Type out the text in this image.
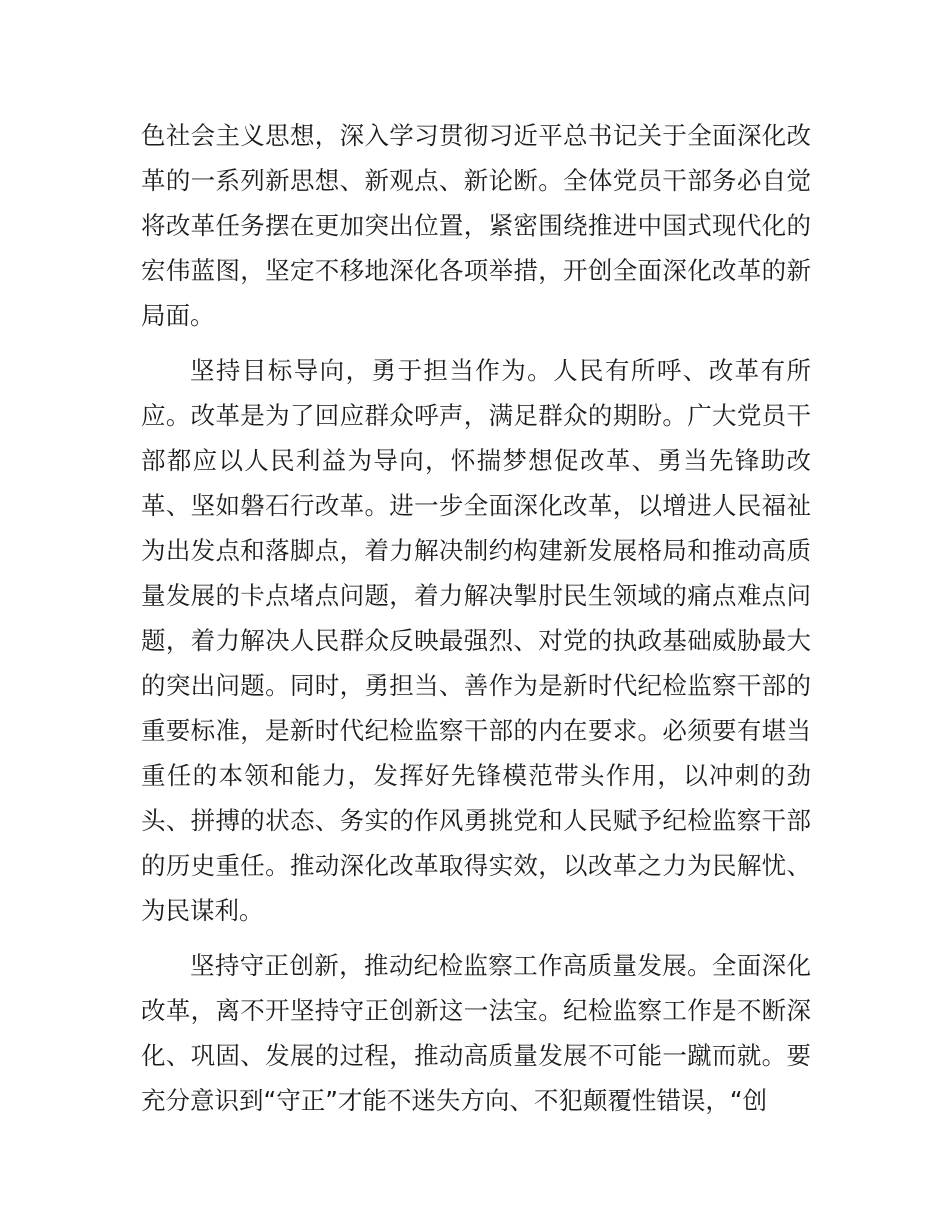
色社会主义思想，深入学习贯彻习近平总书记关于全面深化改革的一系列新思想、新观点、新论断。全体党员干部务必自觉将改革任务摆在更加突出位置，紧密围绕推进中国式现代化的宏伟蓝图，坚定不移地深化各项举措，开创全面深化改革的新局面。

坚持目标导向，勇于担当作为。人民有所呼、改革有所应。改革是为了回应群众呼声，满足群众的期盼。广大党员干部都应以人民利益为导向，怀揣梦想促改革、勇当先锋助改革、坚如磐石行改革。进一步全面深化改革，以增进人民福祉为出发点和落脚点，着力解决制约构建新发展格局和推动高质量发展的卡点堵点问题，着力解决掣肘民生领域的痛点难点问题，着力解决人民群众反映最强烈、对党的执政基础威胁最大的突出问题。同时，勇担当、善作为是新时代纪检监察干部的重要标准，是新时代纪检监察干部的内在要求。必须要有堪当重任的本领和能力，发挥好先锋模范带头作用，以冲刺的劲头、拼搏的状态、务实的作风勇挑党和人民赋予纪检监察干部的历史重任。推动深化改革取得实效，以改革之力为民解忧、为民谋利。

坚持守正创新，推动纪检监察工作高质量发展。全面深化改革，离不开坚持守正创新这一法宝。纪检监察工作是不断深化、巩固、发展的过程，推动高质量发展不可能一蹴而就。要充分意识到“守正”才能不迷失方向、不犯颠覆性错误，“创
